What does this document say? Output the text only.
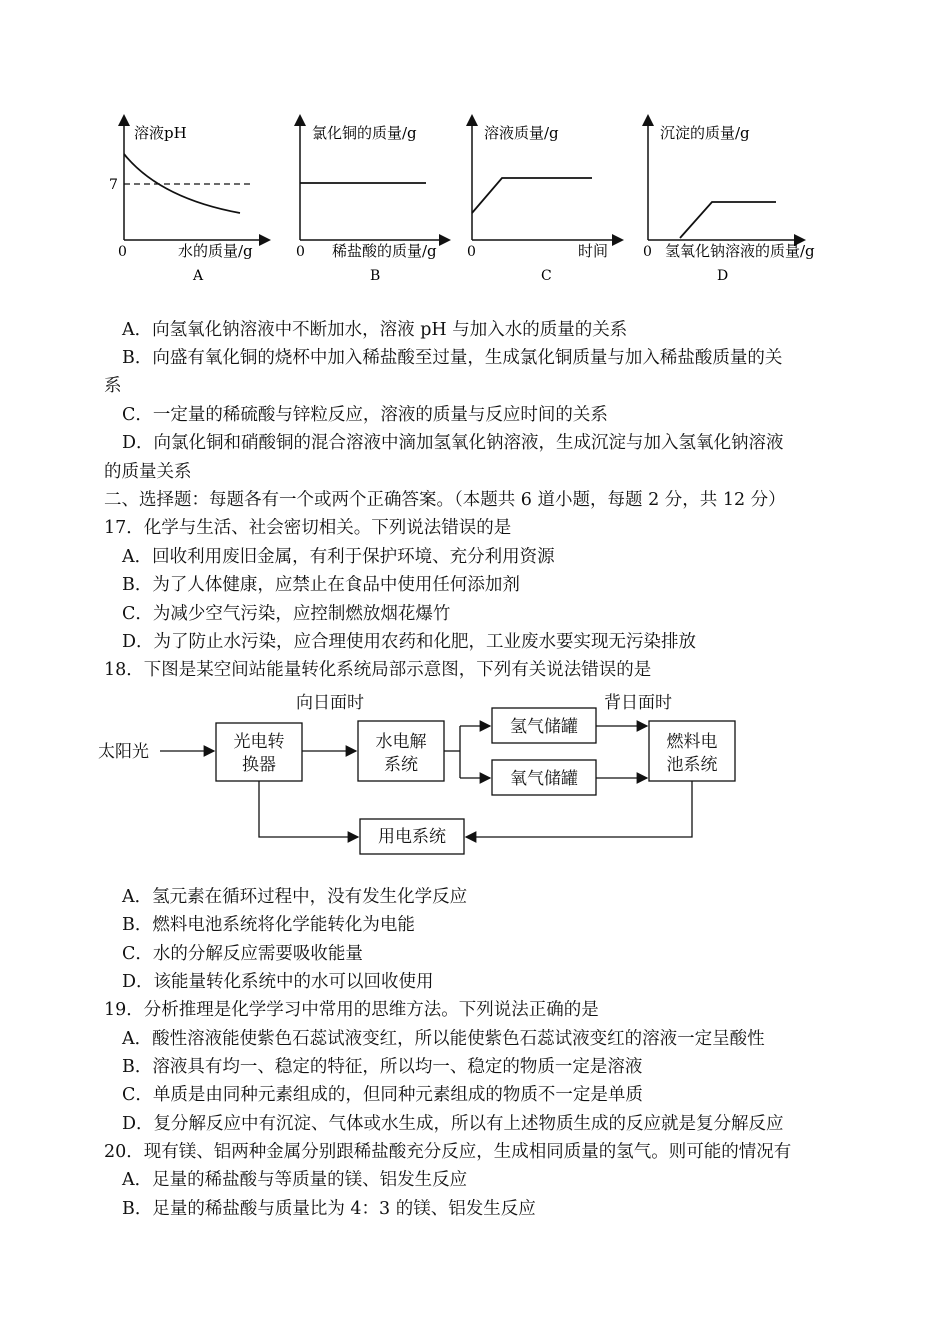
溶液pH
7
0	水的质量/g
A
氯化铜的质量/g
0 稀盐酸的质量/g
B
溶液质量/g
0	时间
C
沉淀的质量/g
0 氢氧化钠溶液的质量/g
D
A．向氢氧化钠溶液中不断加水，溶液 pH 与加入水的质量的关系
B．向盛有氧化铜的烧杯中加入稀盐酸至过量，生成氯化铜质量与加入稀盐酸质量的关
系
C．一定量的稀硫酸与锌粒反应，溶液的质量与反应时间的关系
D．向氯化铜和硝酸铜的混合溶液中滴加氢氧化钠溶液，生成沉淀与加入氢氧化钠溶液
的质量关系
二、选择题：每题各有一个或两个正确答案。（本题共 6 道小题，每题 2 分，共 12 分）
17．化学与生活、社会密切相关。下列说法错误的是
A．回收利用废旧金属，有利于保护环境、充分利用资源
B．为了人体健康，应禁止在食品中使用任何添加剂
C．为减少空气污染，应控制燃放烟花爆竹
D．为了防止水污染，应合理使用农药和化肥，工业废水要实现无污染排放
18．下图是某空间站能量转化系统局部示意图，下列有关说法错误的是
太阳光
向日面时	背日面时
光电转
换器
水电解
系统
氢气储罐
氧气储罐
燃料电
池系统
用电系统
A．氢元素在循环过程中，没有发生化学反应
B．燃料电池系统将化学能转化为电能
C．水的分解反应需要吸收能量
D．该能量转化系统中的水可以回收使用
19．分析推理是化学学习中常用的思维方法。下列说法正确的是
A．酸性溶液能使紫色石蕊试液变红，所以能使紫色石蕊试液变红的溶液一定呈酸性
B．溶液具有均一、稳定的特征，所以均一、稳定的物质一定是溶液
C．单质是由同种元素组成的，但同种元素组成的物质不一定是单质
D．复分解反应中有沉淀、气体或水生成，所以有上述物质生成的反应就是复分解反应
20．现有镁、铝两种金属分别跟稀盐酸充分反应，生成相同质量的氢气。则可能的情况有
A．足量的稀盐酸与等质量的镁、铝发生反应
B．足量的稀盐酸与质量比为 4：3 的镁、铝发生反应
